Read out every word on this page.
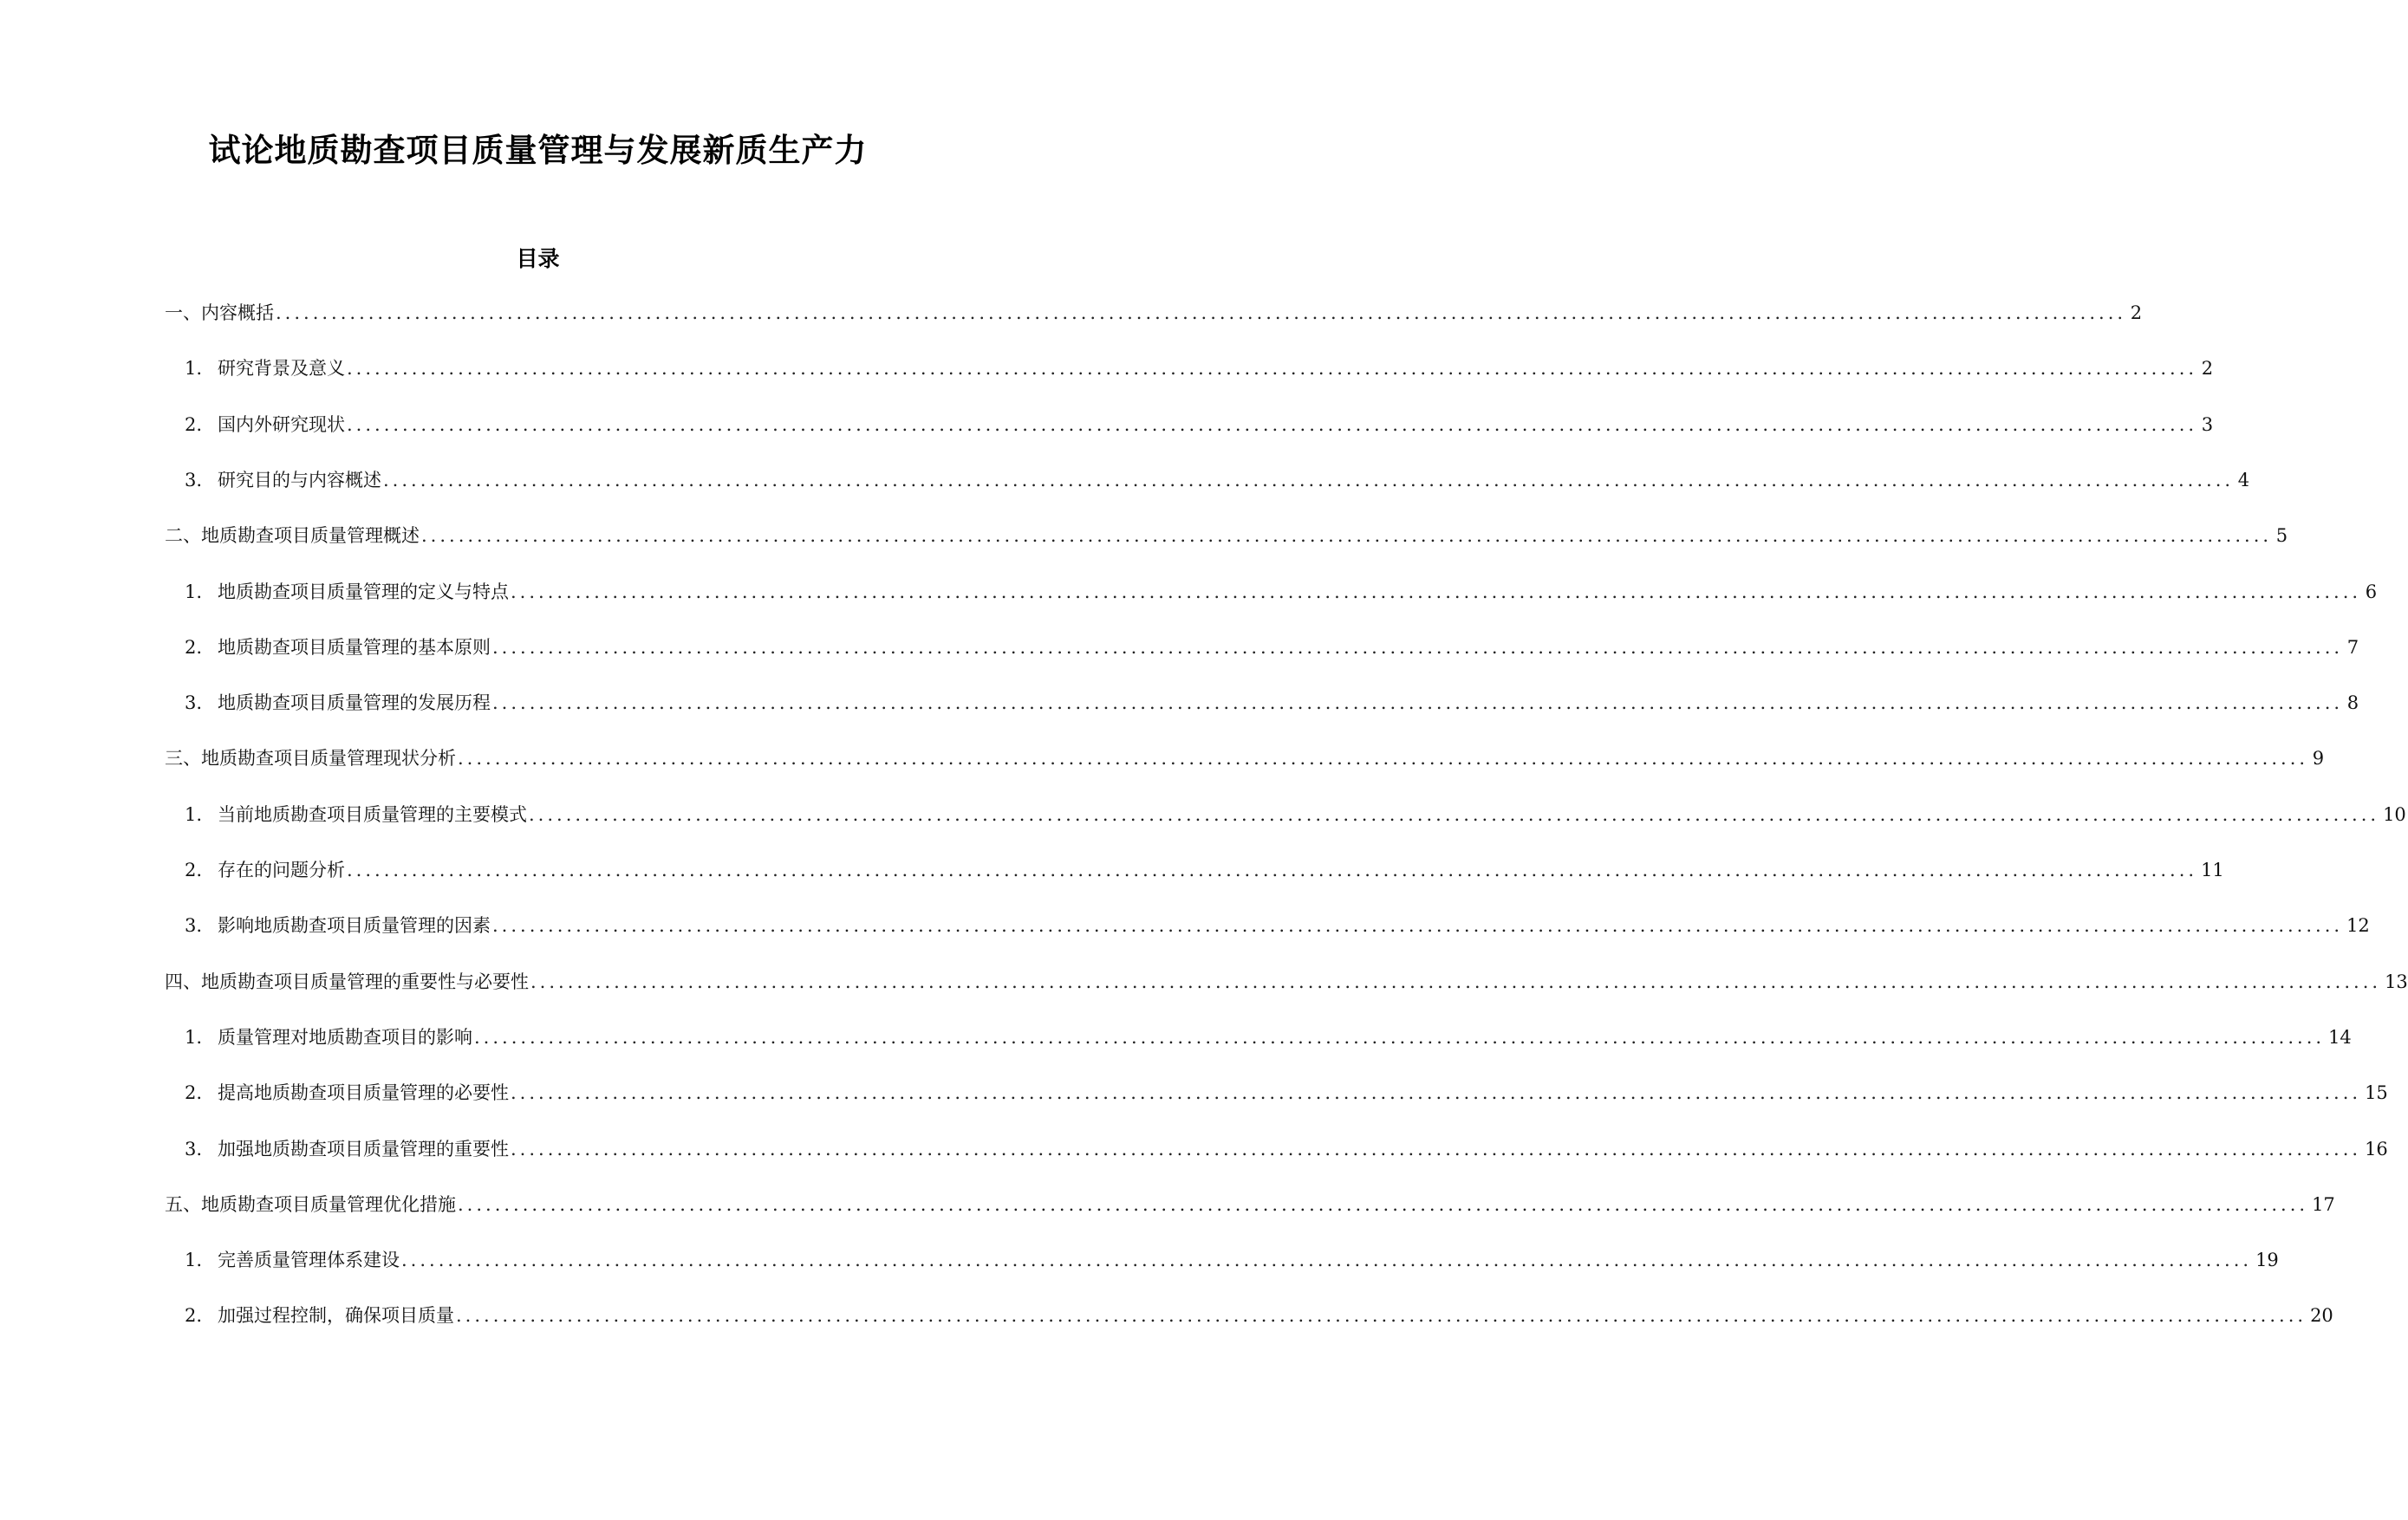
试论地质勘查项目质量管理与发展新质生产力
目录
一、内容概括 ........................................................................................................................................................................................................ 2
1. 研究背景及意义 ........................................................................................................................................................................................................ 2
2. 国内外研究现状 ........................................................................................................................................................................................................ 3
3. 研究目的与内容概述 ........................................................................................................................................................................................................ 4
二、地质勘查项目质量管理概述 ........................................................................................................................................................................................................ 5
1. 地质勘查项目质量管理的定义与特点 ........................................................................................................................................................................................................ 6
2. 地质勘查项目质量管理的基本原则 ........................................................................................................................................................................................................ 7
3. 地质勘查项目质量管理的发展历程 ........................................................................................................................................................................................................ 8
三、地质勘查项目质量管理现状分析 ........................................................................................................................................................................................................ 9
1. 当前地质勘查项目质量管理的主要模式 ........................................................................................................................................................................................................ 10
2. 存在的问题分析 ........................................................................................................................................................................................................ 11
3. 影响地质勘查项目质量管理的因素 ........................................................................................................................................................................................................ 12
四、地质勘查项目质量管理的重要性与必要性 ........................................................................................................................................................................................................ 13
1. 质量管理对地质勘查项目的影响 ........................................................................................................................................................................................................ 14
2. 提高地质勘查项目质量管理的必要性 ........................................................................................................................................................................................................ 15
3. 加强地质勘查项目质量管理的重要性 ........................................................................................................................................................................................................ 16
五、地质勘查项目质量管理优化措施 ........................................................................................................................................................................................................ 17
1. 完善质量管理体系建设 ........................................................................................................................................................................................................ 19
2. 加强过程控制，确保项目质量 ........................................................................................................................................................................................................ 20
